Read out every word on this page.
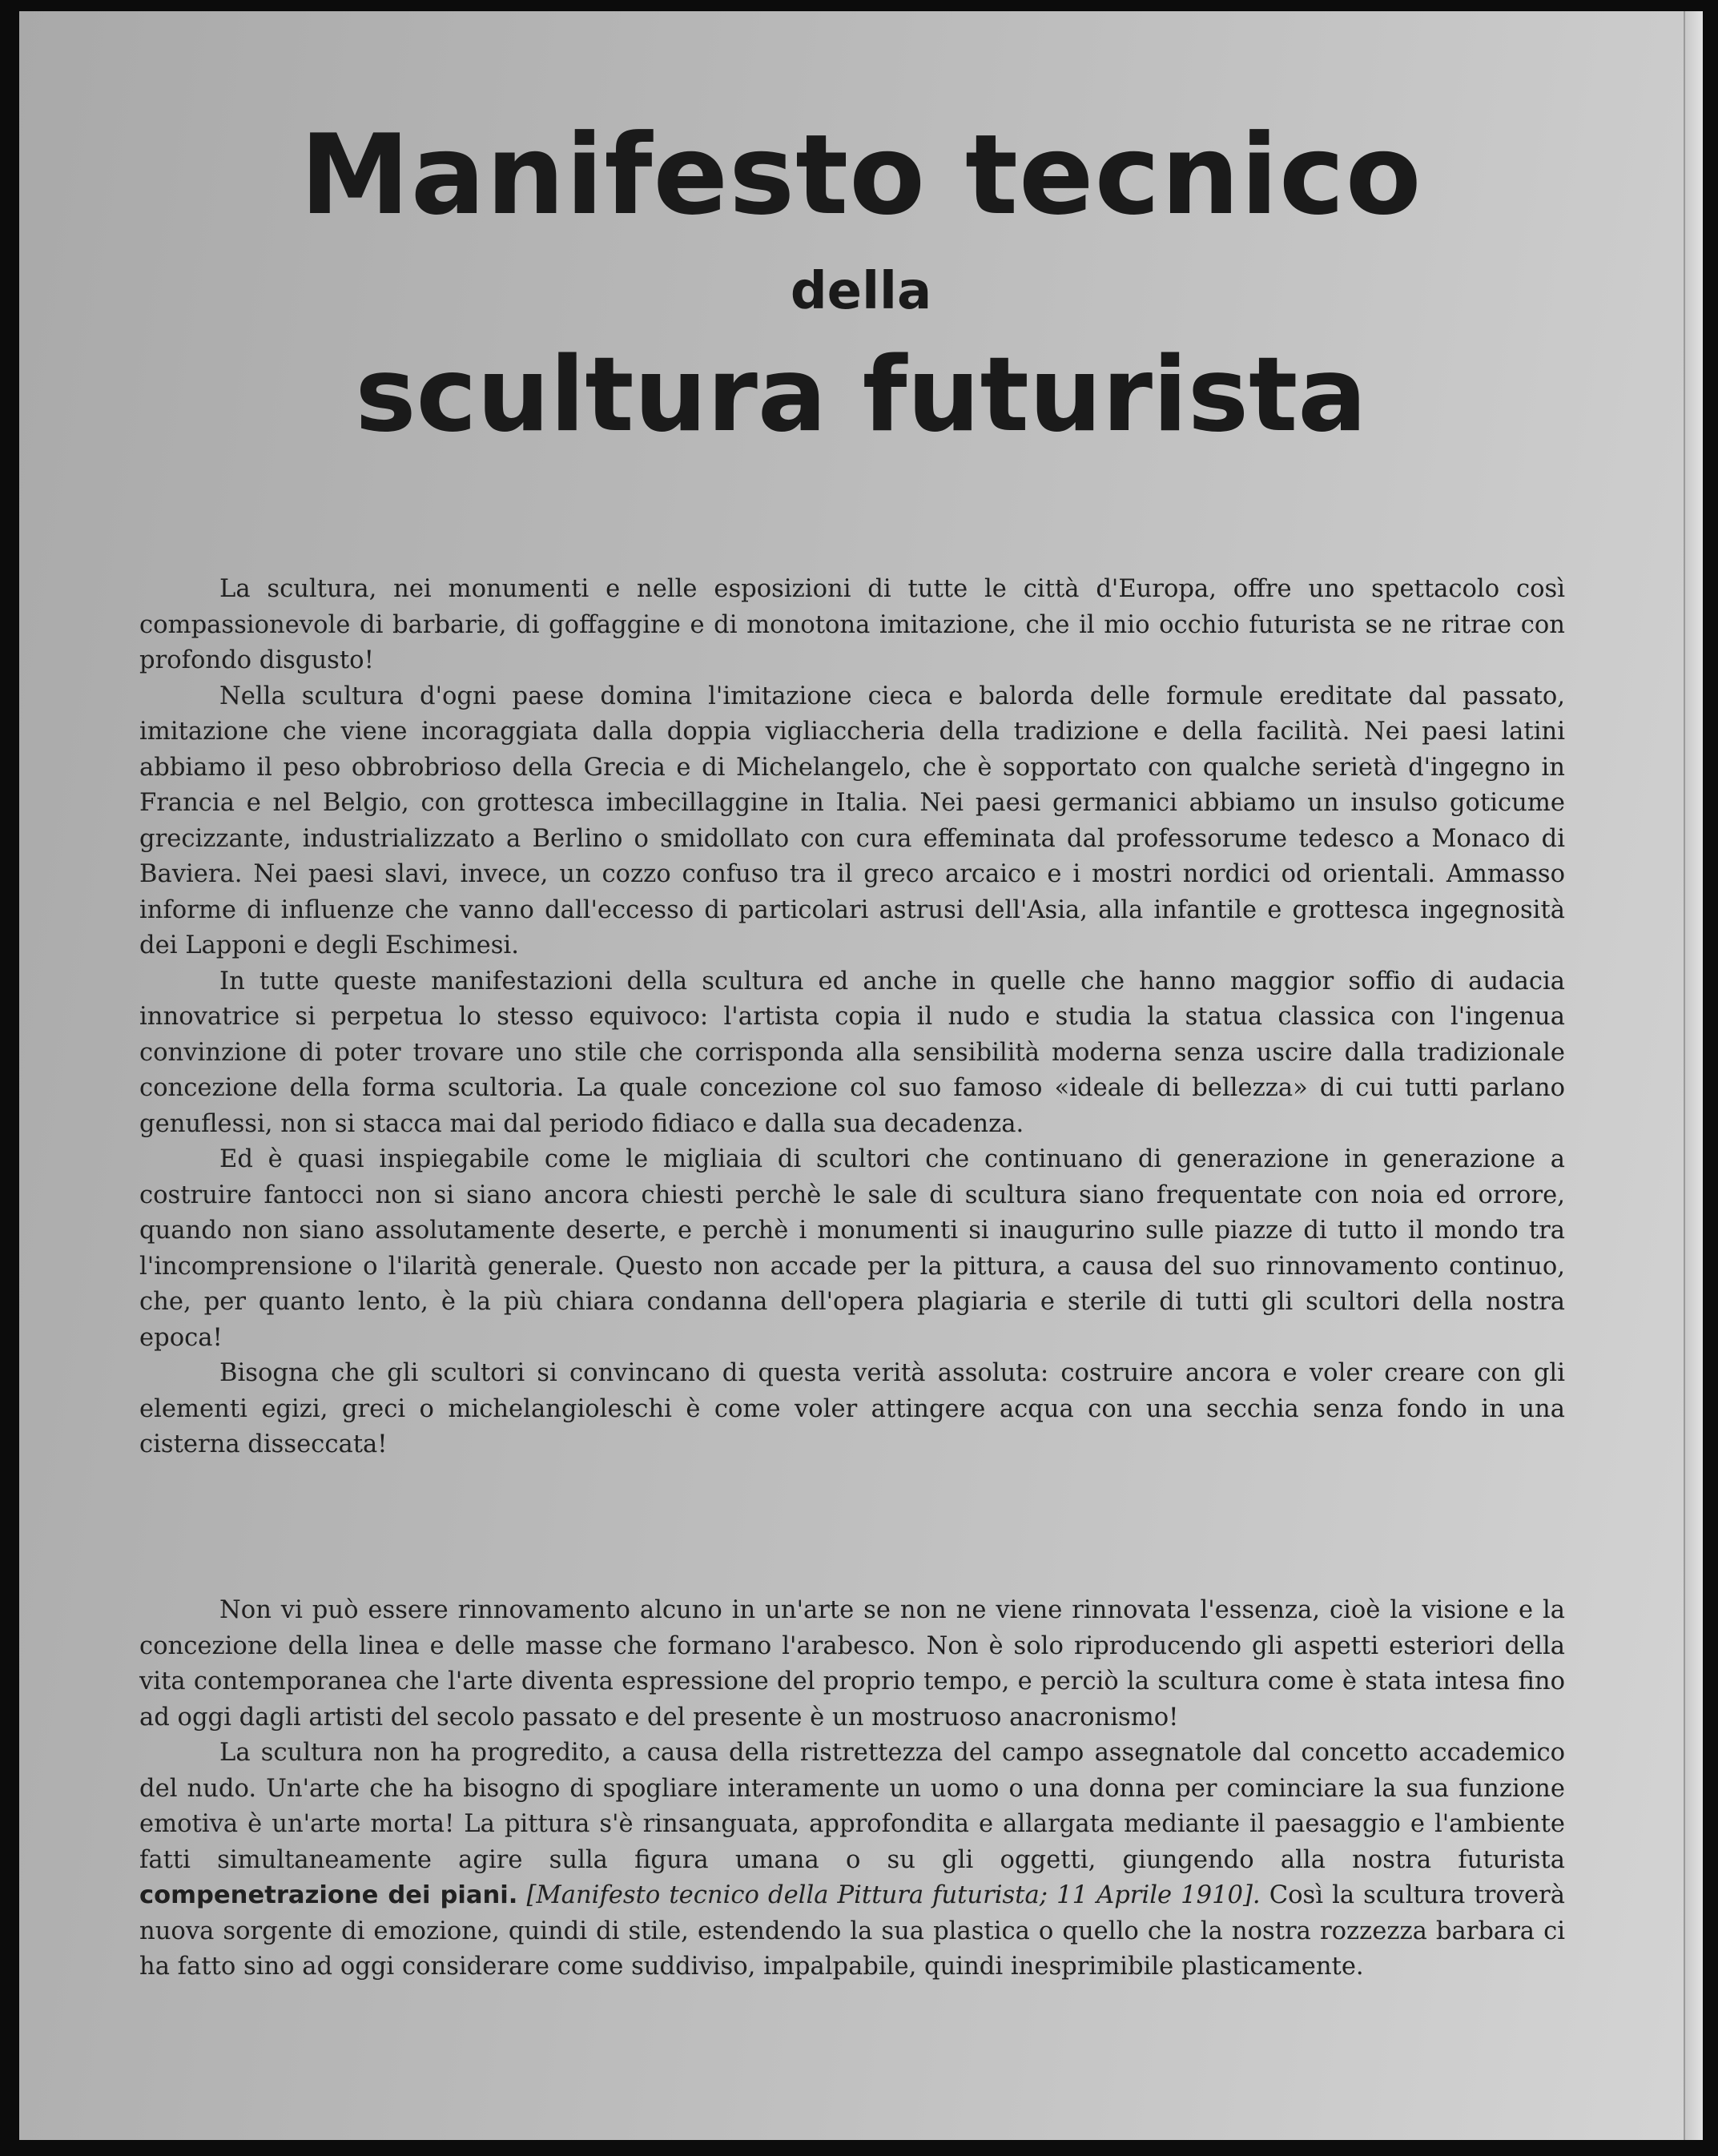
Manifesto tecnico
della
scultura futurista

La scultura, nei monumenti e nelle esposizioni di tutte le città d'Europa, offre uno spettacolo così compassionevole di barbarie, di goffaggine e di monotona imitazione, che il mio occhio futurista se ne ritrae con profondo disgusto!

Nella scultura d'ogni paese domina l'imitazione cieca e balorda delle formule ereditate dal passato, imitazione che viene incoraggiata dalla doppia vigliaccheria della tradizione e della facilità. Nei paesi latini abbiamo il peso obbrobrioso della Grecia e di Michelangelo, che è sopportato con qualche serietà d'ingegno in Francia e nel Belgio, con grottesca imbecillaggine in Italia. Nei paesi germanici abbiamo un insulso goticume grecizzante, industrializzato a Berlino o smidollato con cura effeminata dal professorume tedesco a Monaco di Baviera. Nei paesi slavi, invece, un cozzo confuso tra il greco arcaico e i mostri nordici od orientali. Ammasso informe di influenze che vanno dall'eccesso di particolari astrusi dell'Asia, alla infantile e grottesca ingegnosità dei Lapponi e degli Eschimesi.

In tutte queste manifestazioni della scultura ed anche in quelle che hanno maggior soffio di audacia innovatrice si perpetua lo stesso equivoco: l'artista copia il nudo e studia la statua classica con l'ingenua convinzione di poter trovare uno stile che corrisponda alla sensibilità moderna senza uscire dalla tradizionale concezione della forma scultoria. La quale concezione col suo famoso «ideale di bellezza» di cui tutti parlano genuflessi, non si stacca mai dal periodo fidiaco e dalla sua decadenza.

Ed è quasi inspiegabile come le migliaia di scultori che continuano di generazione in generazione a costruire fantocci non si siano ancora chiesti perchè le sale di scultura siano frequentate con noia ed orrore, quando non siano assolutamente deserte, e perchè i monumenti si inaugurino sulle piazze di tutto il mondo tra l'incomprensione o l'ilarità generale. Questo non accade per la pittura, a causa del suo rinnovamento continuo, che, per quanto lento, è la più chiara condanna dell'opera plagiaria e sterile di tutti gli scultori della nostra epoca!

Bisogna che gli scultori si convincano di questa verità assoluta: costruire ancora e voler creare con gli elementi egizi, greci o michelangioleschi è come voler attingere acqua con una secchia senza fondo in una cisterna disseccata!

Non vi può essere rinnovamento alcuno in un'arte se non ne viene rinnovata l'essenza, cioè la visione e la concezione della linea e delle masse che formano l'arabesco. Non è solo riproducendo gli aspetti esteriori della vita contemporanea che l'arte diventa espressione del proprio tempo, e perciò la scultura come è stata intesa fino ad oggi dagli artisti del secolo passato e del presente è un mostruoso anacronismo!

La scultura non ha progredito, a causa della ristrettezza del campo assegnatole dal concetto accademico del nudo. Un'arte che ha bisogno di spogliare interamente un uomo o una donna per cominciare la sua funzione emotiva è un'arte morta! La pittura s'è rinsanguata, approfondita e allargata mediante il paesaggio e l'ambiente fatti simultaneamente agire sulla figura umana o su gli oggetti, giungendo alla nostra futurista compenetrazione dei piani. [Manifesto tecnico della Pittura futurista; 11 Aprile 1910]. Così la scultura troverà nuova sorgente di emozione, quindi di stile, estendendo la sua plastica o quello che la nostra rozzezza barbara ci ha fatto sino ad oggi considerare come suddiviso, impalpabile, quindi inesprimibile plasticamente.
